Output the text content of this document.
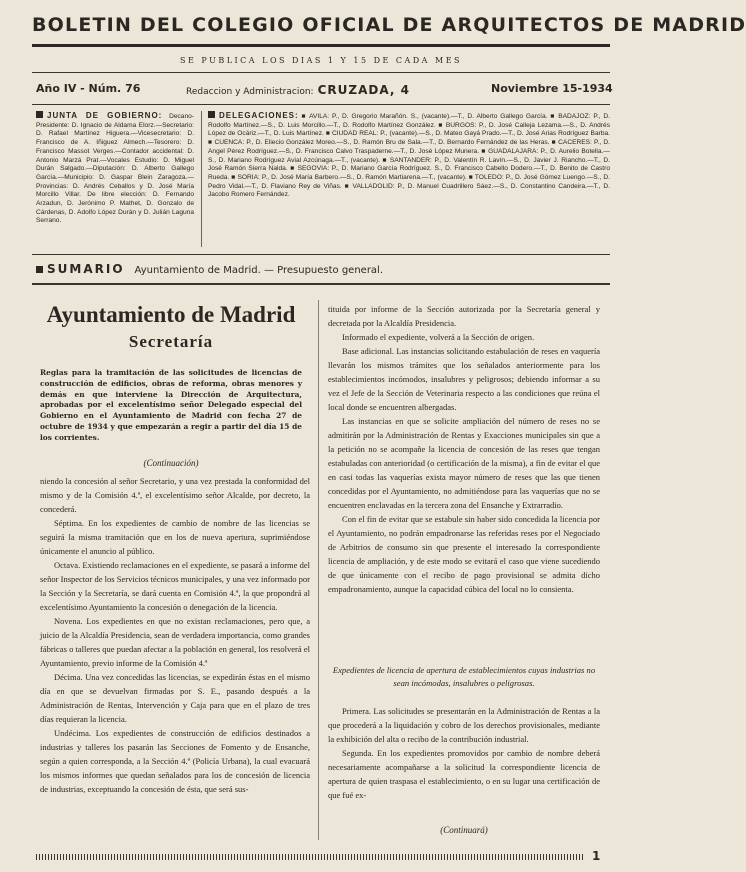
BOLETIN DEL COLEGIO OFICIAL DE ARQUITECTOS DE MADRID
SE PUBLICA LOS DIAS 1 Y 15 DE CADA MES
Año IV - Núm. 76	Redaccion y Administracion: CRUZADA, 4	Noviembre 15-1934
JUNTA DE GOBIERNO: Decano-Presidente: D. Ignacio de Aldama Elorz.—Secretario: D. Rafael Martínez Higuera.—Vicesecretario: D. Francisco de A. Iñiguez Almech.—Tesorero: D. Francisco Massot Verges.—Contador accidental: D. Antonio Marzá Prat.—Vocales Estudio: D. Miguel Durán Salgado.—Diputación: D. Alberto Gallego García.—Municipio: D. Gaspar Blein Zaragoza.—Provincias: D. Andrés Ceballos y D. José María Morcillo Villar. De libre elección: D. Fernando Arzadun, D. Jerónimo P. Mathet, D. Gonzalo de Cárdenas, D. Adolfo López Durán y D. Julián Laguna Serrano.
DELEGACIONES: ■ AVILA: P., D. Gregorio Marañón. S., (vacante).—T., D. Alberto Gallego García. ■ BADAJOZ: P., D. Rodolfo Martínez.—S., D. Luis Morcillo.—T., D. Rodolfo Martínez González. ■ BURGOS: P., D. José Calleja Lezama.—S., D. Andrés López de Ocáriz.—T., D. Luis Martínez. ■ CIUDAD REAL: P., (vacante).—S., D. Mateo Gayá Prado.—T., D. José Arias Rodríguez Barba. ■ CUENCA: P., D. Eliecio González Moreo.—S., D. Ramón Bru de Sala.—T., D. Bernardo Fernández de las Heras. ■ CACERES: P., D. Angel Pérez Rodríguez.—S., D. Francisco Calvo Traspaderne.—T., D. José López Munera. ■ GUADALAJARA: P., D. Aurelio Botella.—S., D. Mariano Rodríguez Avial Azcúnaga.—T., (vacante). ■ SANTANDER: P., D. Valentín R. Lavín.—S., D. Javier J. Riancho.—T., D. José Ramón Sierra Nalda. ■ SEGOVIA: P., D. Mariano García Rodríguez. S., D. Francisco Cabello Dodero.—T., D. Benito de Castro Rueda. ■ SORIA: P., D. José María Barbero.—S., D. Ramón Martiarena.—T., (vacante). ■ TOLEDO: P., D. José Gómez Luengo.—S., D. Pedro Vidal.—T., D. Flaviano Rey de Viñas. ■ VALLADOLID: P., D. Manuel Cuadrillero Sáez.—S., D. Constantino Candeira.—T., D. Jacobo Romero Fernández.
SUMARIO Ayuntamiento de Madrid. — Presupuesto general.
Ayuntamiento de Madrid
Secretaría
Reglas para la tramitación de las solicitudes de licencias de construcción de edificios, obras de reforma, obras menores y demás en que interviene la Dirección de Arquitectura, aprobadas por el excelentísimo señor Delegado especial del Gobierno en el Ayuntamiento de Madrid con fecha 27 de octubre de 1934 y que empezarán a regir a partir del día 15 de los corrientes.
(Continuación)

niendo la concesión al señor Secretario, y una vez prestada la conformidad del mismo y de la Comisión 4.ª, el excelentísimo señor Alcalde, por decreto, la concederá.

Séptima. En los expedientes de cambio de nombre de las licencias se seguirá la misma tramitación que en los de nueva apertura, suprimiéndose únicamente el anuncio al público.

Octava. Existiendo reclamaciones en el expediente, se pasará a informe del señor Inspector de los Servicios técnicos municipales, y una vez informado por la Sección y la Secretaría, se dará cuenta en Comisión 4.ª, la que propondrá al excelentísimo Ayuntamiento la concesión o denegación de la licencia.

Novena. Los expedientes en que no existan reclamaciones, pero que, a juicio de la Alcaldía Presidencia, sean de verdadera importancia, como grandes fábricas o talleres que puedan afectar a la población en general, los resolverá el Ayuntamiento, previo informe de la Comisión 4.ª

Décima. Una vez concedidas las licencias, se expedirán éstas en el mismo día en que se devuelvan firmadas por S. E., pasando después a la Administración de Rentas, Intervención y Caja para que en el plazo de tres días requieran la licencia.

Undécima. Los expedientes de construcción de edificios destinados a industrias y talleres los pasarán las Secciones de Fomento y de Ensanche, según a quien corresponda, a la Sección 4.ª (Policía Urbana), la cual evacuará los mismos informes que quedan señalados para los de concesión de licencia de industrias, exceptuando la concesión de ésta, que será sus-

tituida por informe de la Sección autorizada por la Secretaría general y decretada por la Alcaldía Presidencia.

Informado el expediente, volverá a la Sección de origen.

Base adicional. Las instancias solicitando estabulación de reses en vaquería llevarán los mismos trámites que los señalados anteriormente para los establecimientos incómodos, insalubres y peligrosos; debiendo informar a su vez el Jefe de la Sección de Veterinaria respecto a las condiciones que reúna el local donde se encuentren albergadas.

Las instancias en que se solicite ampliación del número de reses no se admitirán por la Administración de Rentas y Exacciones municipales sin que a la petición no se acompañe la licencia de concesión de las reses que tengan estabuladas con anterioridad (o certificación de la misma), a fin de evitar el que en casi todas las vaquerías exista mayor número de reses que las que tienen concedidas por el Ayuntamiento, no admitiéndose para las vaquerías que no se encuentren enclavadas en la tercera zona del Ensanche y Extrarradio.

Con el fin de evitar que se estabule sin haber sido concedida la licencia por el Ayuntamiento, no podrán empadronarse las referidas reses por el Negociado de Arbitrios de consumo sin que presente el interesado la correspondiente licencia de ampliación, y de este modo se evitará el caso que viene sucediendo de que únicamente con el recibo de pago provisional se admita dicho empadronamiento, aunque la capacidad cúbica del local no lo consienta.

Expedientes de licencia de apertura de establecimientos cuyas industrias no sean incómodas, insalubres o peligrosas.

Primera. Las solicitudes se presentarán en la Administración de Rentas a la que procederá a la liquidación y cobro de los derechos provisionales, mediante la exhibición del alta o recibo de la contribución industrial.

Segunda. En los expedientes promovidos por cambio de nombre deberá necesariamente acompañarse a la solicitud la correspondiente licencia de apertura de quien traspasa el establecimiento, o en su lugar una certificación de que fué ex-

(Continuará)
1
